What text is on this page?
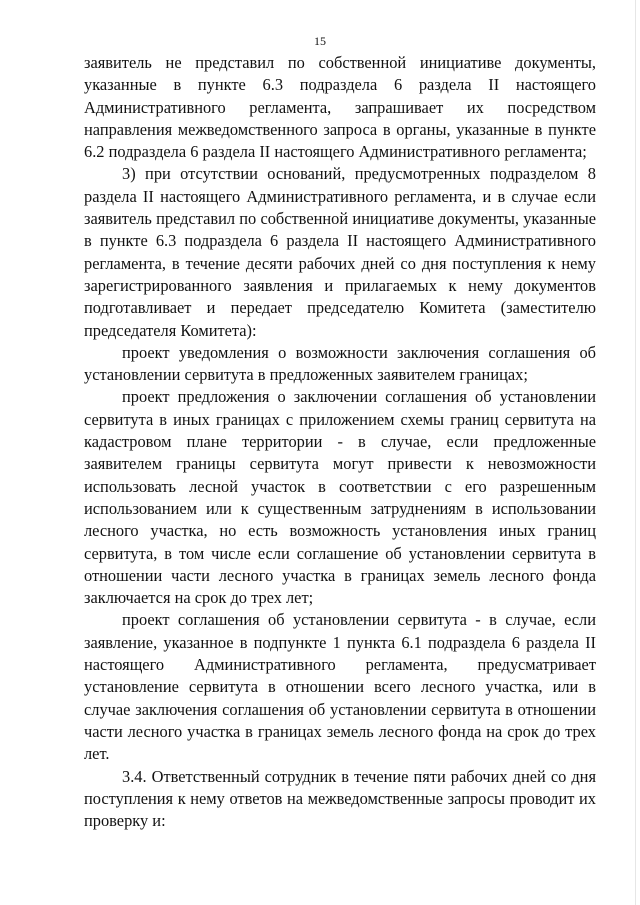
15

заявитель не представил по собственной инициативе документы, указанные в пункте 6.3 подраздела 6 раздела II настоящего Административного регламента, запрашивает их посредством направления межведомственного запроса в органы, указанные в пункте 6.2 подраздела 6 раздела II настоящего Административного регламента;

3) при отсутствии оснований, предусмотренных подразделом 8 раздела II настоящего Административного регламента, и в случае если заявитель представил по собственной инициативе документы, указанные в пункте 6.3 подраздела 6 раздела II настоящего Административного регламента, в течение десяти рабочих дней со дня поступления к нему зарегистрированного заявления и прилагаемых к нему документов подготавливает и передает председателю Комитета (заместителю председателя Комитета):

проект уведомления о возможности заключения соглашения об установлении сервитута в предложенных заявителем границах;

проект предложения о заключении соглашения об установлении сервитута в иных границах с приложением схемы границ сервитута на кадастровом плане территории - в случае, если предложенные заявителем границы сервитута могут привести к невозможности использовать лесной участок в соответствии с его разрешенным использованием или к существенным затруднениям в использовании лесного участка, но есть возможность установления иных границ сервитута, в том числе если соглашение об установлении сервитута в отношении части лесного участка в границах земель лесного фонда заключается на срок до трех лет;

проект соглашения об установлении сервитута - в случае, если заявление, указанное в подпункте 1 пункта 6.1 подраздела 6 раздела II настоящего Административного регламента, предусматривает установление сервитута в отношении всего лесного участка, или в случае заключения соглашения об установлении сервитута в отношении части лесного участка в границах земель лесного фонда на срок до трех лет.

3.4. Ответственный сотрудник в течение пяти рабочих дней со дня поступления к нему ответов на межведомственные запросы проводит их проверку и:
